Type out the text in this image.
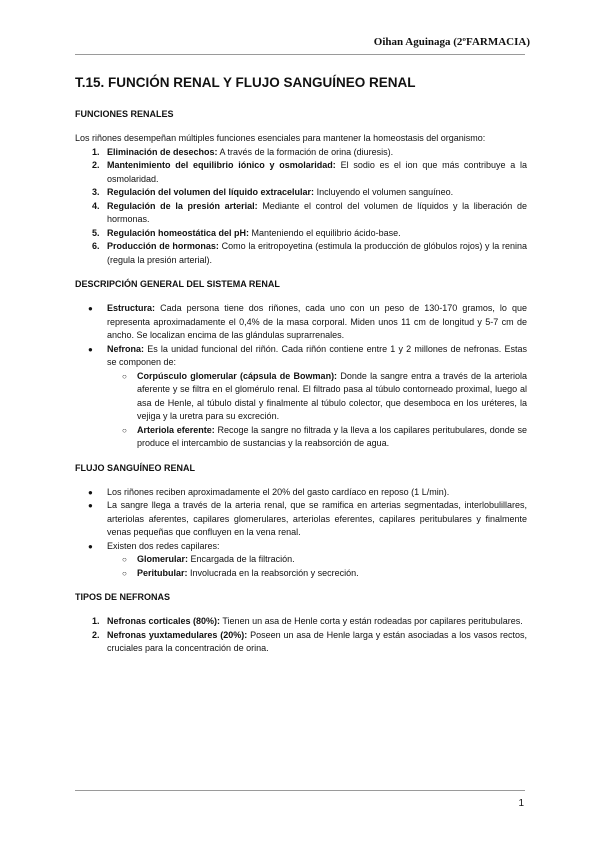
Oihan Aguinaga (2ºFARMACIA)
T.15. FUNCIÓN RENAL Y FLUJO SANGUÍNEO RENAL
FUNCIONES RENALES

Los riñones desempeñan múltiples funciones esenciales para mantener la homeostasis del organismo:

1. Eliminación de desechos: A través de la formación de orina (diuresis).
2. Mantenimiento del equilibrio iónico y osmolaridad: El sodio es el ion que más contribuye a la osmolaridad.
3. Regulación del volumen del líquido extracelular: Incluyendo el volumen sanguíneo.
4. Regulación de la presión arterial: Mediante el control del volumen de líquidos y la liberación de hormonas.
5. Regulación homeostática del pH: Manteniendo el equilibrio ácido-base.
6. Producción de hormonas: Como la eritropoyetina (estimula la producción de glóbulos rojos) y la renina (regula la presión arterial).
DESCRIPCIÓN GENERAL DEL SISTEMA RENAL
● Estructura: Cada persona tiene dos riñones, cada uno con un peso de 130-170 gramos, lo que representa aproximadamente el 0,4% de la masa corporal. Miden unos 11 cm de longitud y 5-7 cm de ancho. Se localizan encima de las glándulas suprarrenales.
● Nefrona: Es la unidad funcional del riñón. Cada riñón contiene entre 1 y 2 millones de nefronas. Estas se componen de:
○ Corpúsculo glomerular (cápsula de Bowman): Donde la sangre entra a través de la arteriola aferente y se filtra en el glomérulo renal. El filtrado pasa al túbulo contorneado proximal, luego al asa de Henle, al túbulo distal y finalmente al túbulo colector, que desemboca en los uréteres, la vejiga y la uretra para su excreción.
○ Arteriola eferente: Recoge la sangre no filtrada y la lleva a los capilares peritubulares, donde se produce el intercambio de sustancias y la reabsorción de agua.
FLUJO SANGUÍNEO RENAL
● Los riñones reciben aproximadamente el 20% del gasto cardíaco en reposo (1 L/min).
● La sangre llega a través de la arteria renal, que se ramifica en arterias segmentadas, interlobulillares, arteriolas aferentes, capilares glomerulares, arteriolas eferentes, capilares peritubulares y finalmente venas pequeñas que confluyen en la vena renal.
● Existen dos redes capilares:
○ Glomerular: Encargada de la filtración.
○ Peritubular: Involucrada en la reabsorción y secreción.
TIPOS DE NEFRONAS
1. Nefronas corticales (80%): Tienen un asa de Henle corta y están rodeadas por capilares peritubulares.
2. Nefronas yuxtamedulares (20%): Poseen un asa de Henle larga y están asociadas a los vasos rectos, cruciales para la concentración de orina.
1
